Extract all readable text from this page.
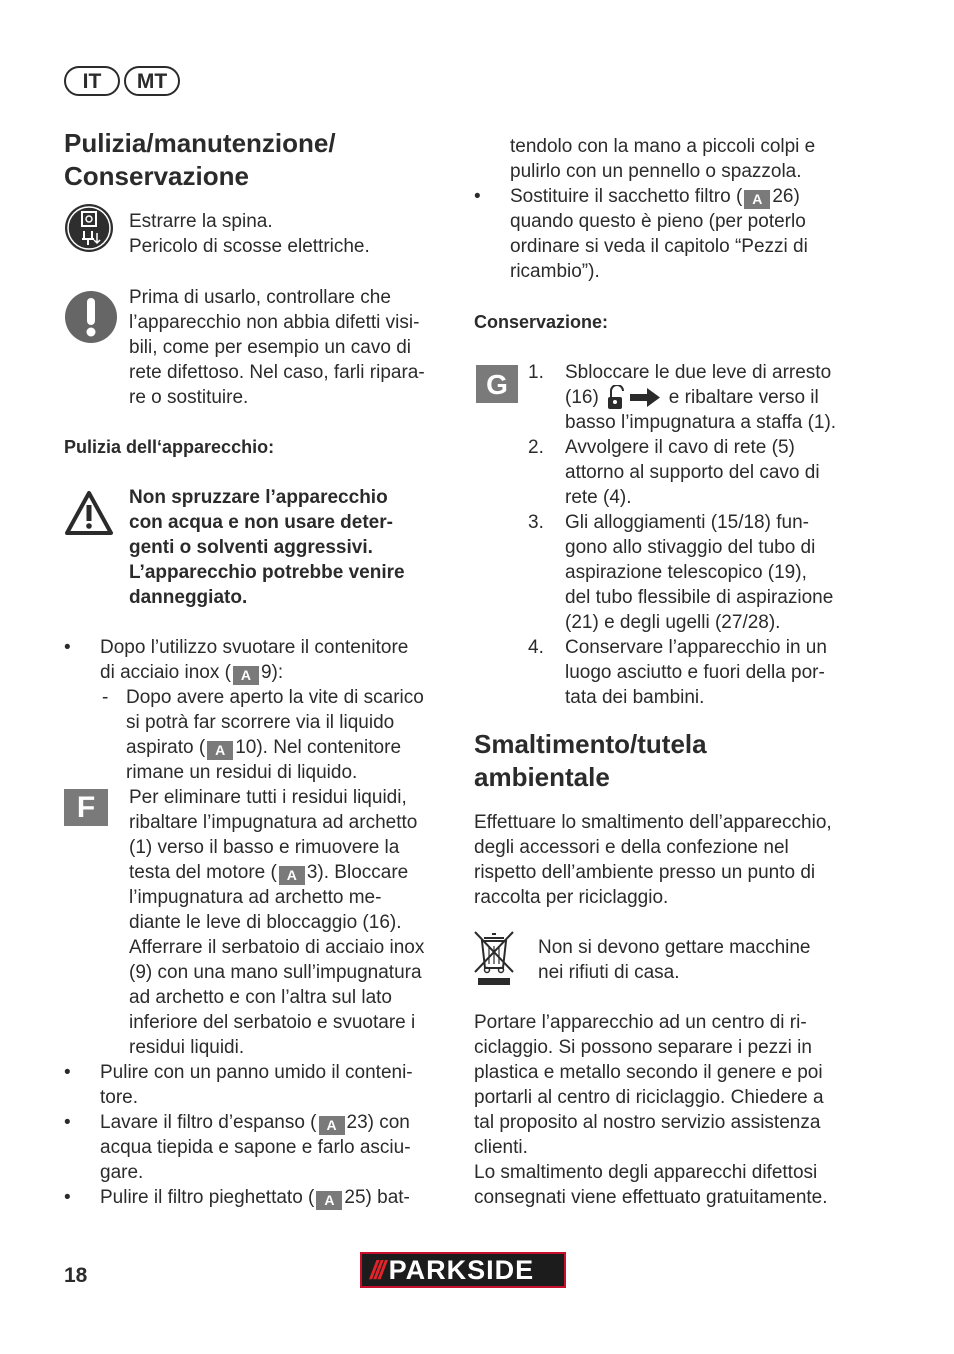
IT	MT
Pulizia/manutenzione/
Conservazione
Estrarre la spina.
Pericolo di scosse elettriche.
Prima di usarlo, controllare che
l’apparecchio non abbia difetti visi-
bili, come per esempio un cavo di
rete difettoso. Nel caso, farli ripara-
re o sostituire.
Pulizia dell‘apparecchio:
Non spruzzare l’apparecchio
con acqua e non usare deter-
genti o solventi aggressivi.
L’apparecchio potrebbe venire
danneggiato.
• Dopo l’utilizzo svuotare il contenitore
di acciaio inox ( A 9):
- Dopo avere aperto la vite di scarico
si potrà far scorrere via il liquido
aspirato ( A 10). Nel contenitore
rimane un residui di liquido.
F	Per eliminare tutti i residui liquidi,
ribaltare l’impugnatura ad archetto
(1) verso il basso e rimuovere la
testa del motore ( A 3). Bloccare
l’impugnatura ad archetto me-
diante le leve di bloccaggio (16).
Afferrare il serbatoio di acciaio inox
(9) con una mano sull’impugnatura
ad archetto e con l’altra sul lato
inferiore del serbatoio e svuotare i
residui liquidi.
• Pulire con un panno umido il conteni-
tore.
• Lavare il filtro d’espanso ( A 23) con
acqua tiepida e sapone e farlo asciu-
gare.
• Pulire il filtro pieghettato ( A 25) bat-
tendolo con la mano a piccoli colpi e
pulirlo con un pennello o spazzola.
• Sostituire il sacchetto filtro ( A 26)
quando questo è pieno (per poterlo
ordinare si veda il capitolo “Pezzi di
ricambio”).
Conservazione:
G	1. Sbloccare le due leve di arresto
(16)	e ribaltare verso il
basso l’impugnatura a staffa (1).
2. Avvolgere il cavo di rete (5)
attorno al supporto del cavo di
rete (4).
3. Gli alloggiamenti (15/18) fun-
gono allo stivaggio del tubo di
aspirazione telescopico (19),
del tubo flessibile di aspirazione
(21) e degli ugelli (27/28).
4. Conservare l’apparecchio in un
luogo asciutto e fuori della por-
tata dei bambini.
Smaltimento/tutela
ambientale
Effettuare lo smaltimento dell’apparecchio,
degli accessori e della confezione nel
rispetto dell’ambiente presso un punto di
raccolta per riciclaggio.
Non si devono gettare macchine
nei rifiuti di casa.
Portare l’apparecchio ad un centro di ri-
ciclaggio. Si possono separare i pezzi in
plastica e metallo secondo il genere e poi
portarli al centro di riciclaggio. Chiedere a
tal proposito al nostro servizio assistenza
clienti.
Lo smaltimento degli apparecchi difettosi
consegnati viene effettuato gratuitamente.
18	/// PARKSIDE
